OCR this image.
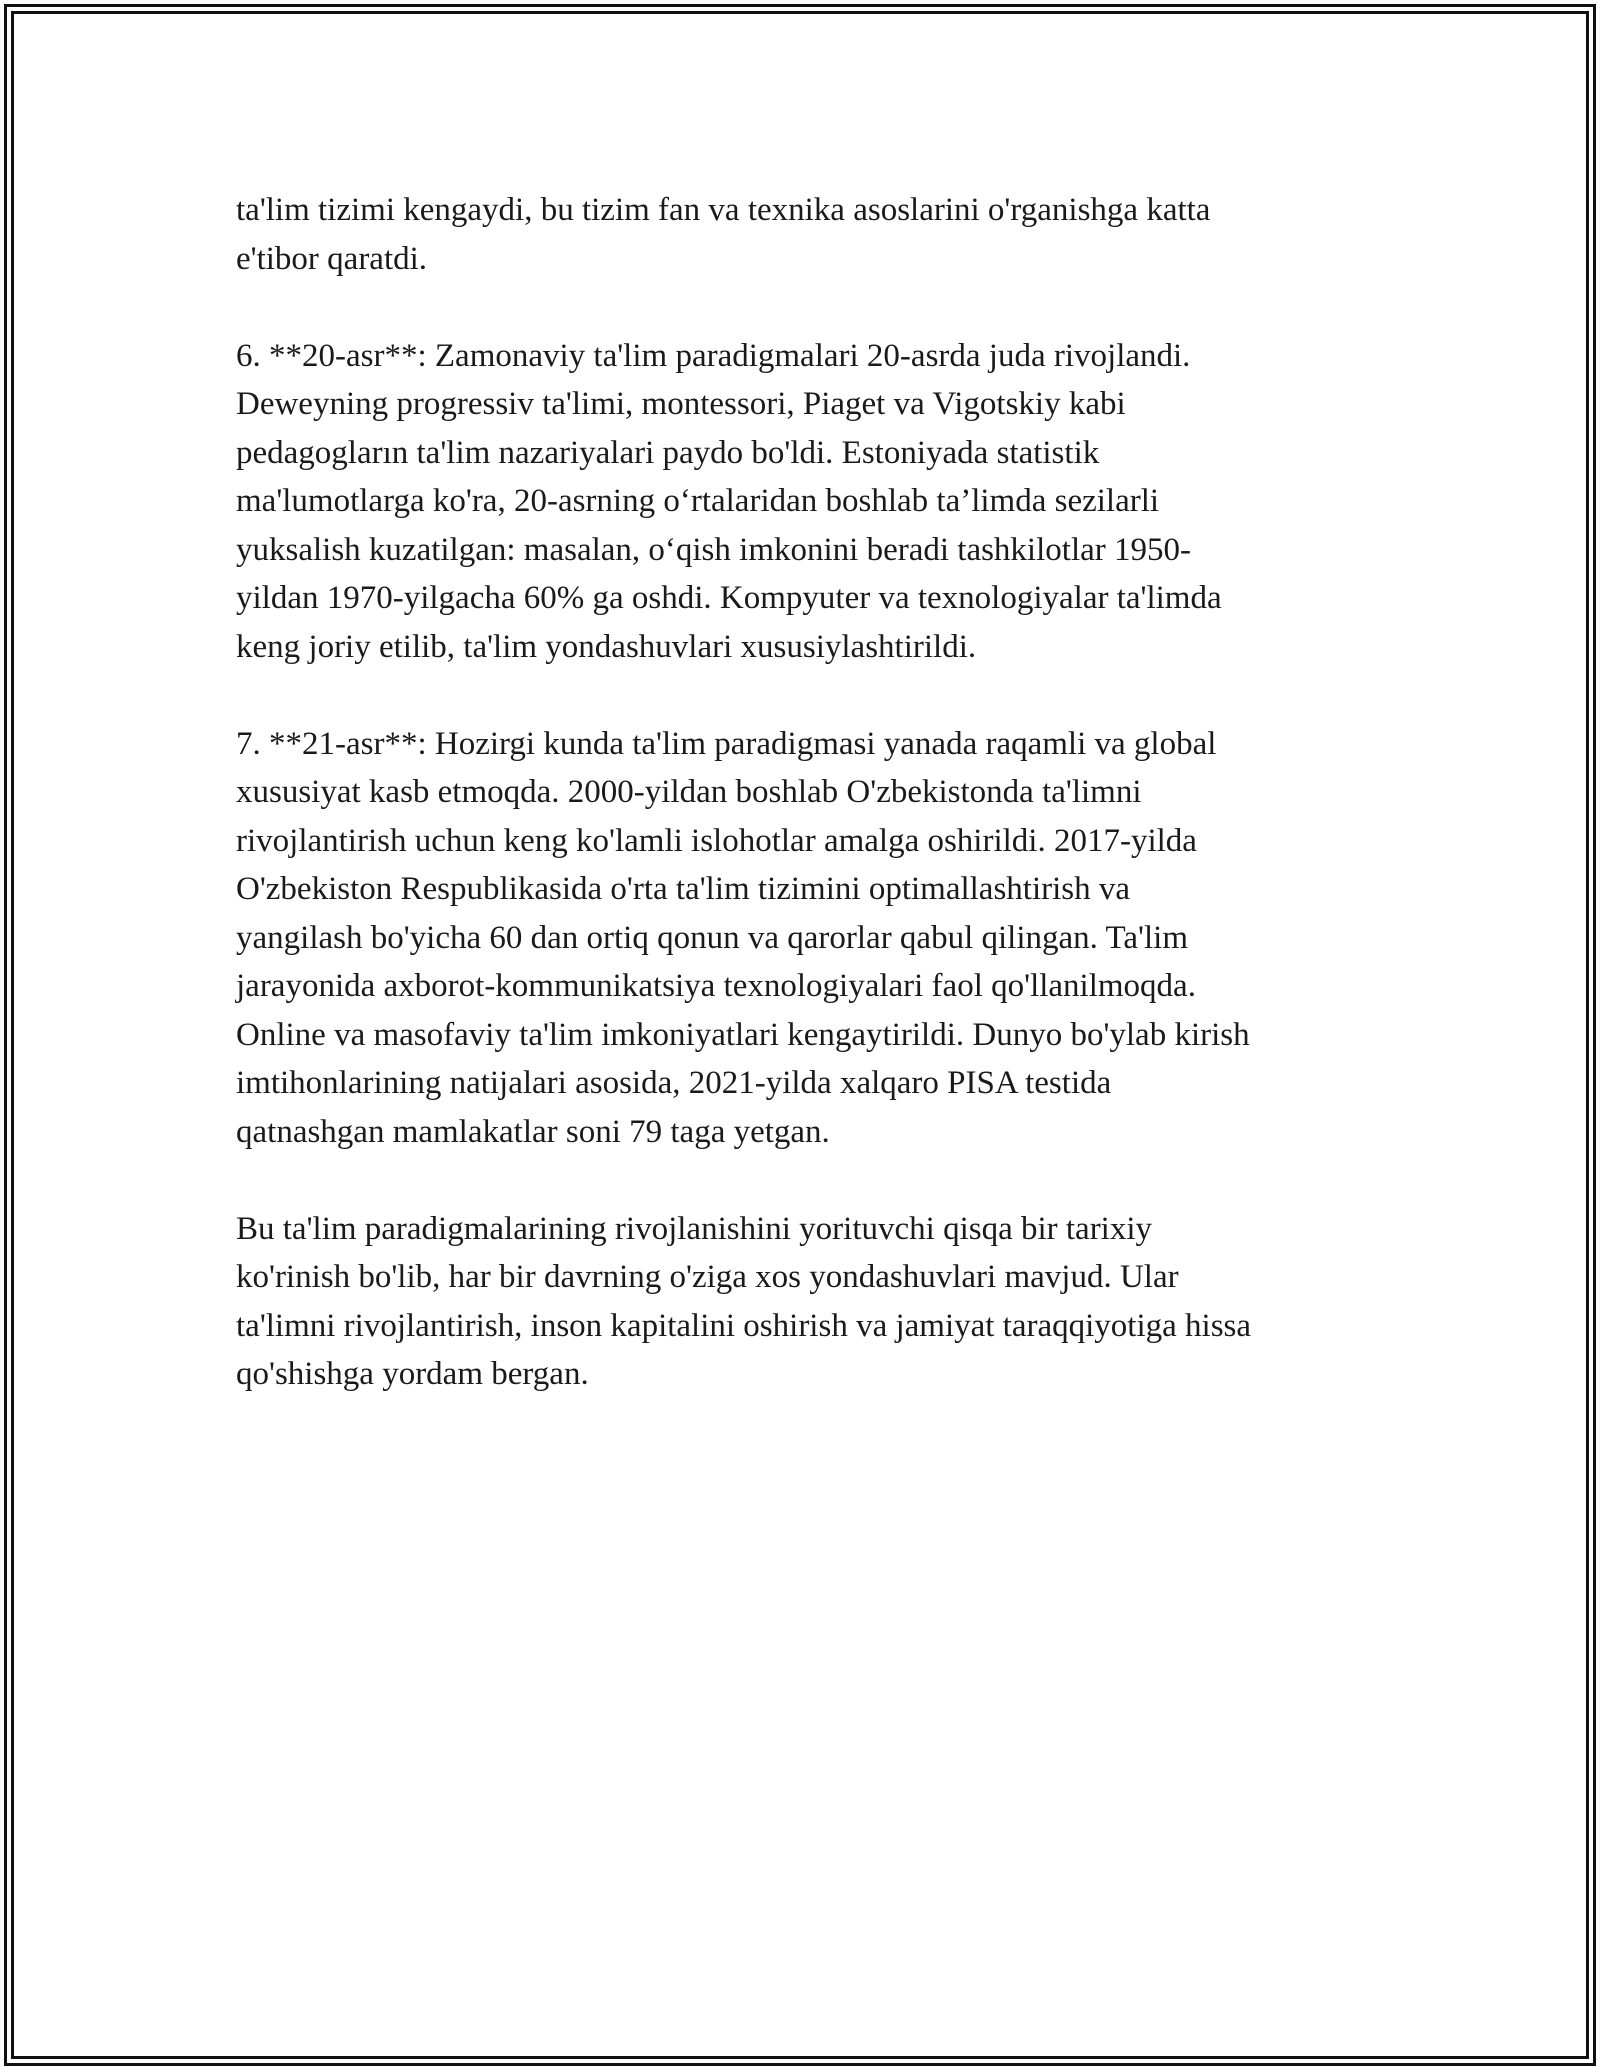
ta'lim tizimi kengaydi, bu tizim fan va texnika asoslarini o'rganishga katta
e'tibor qaratdi.

6. **20-asr**: Zamonaviy ta'lim paradigmalari 20-asrda juda rivojlandi.
Deweyning progressiv ta'limi, montessori, Piaget va Vigotskiy kabi
pedagogların ta'lim nazariyalari paydo bo'ldi. Estoniyada statistik
ma'lumotlarga ko'ra, 20-asrning o‘rtalaridan boshlab ta’limda sezilarli
yuksalish kuzatilgan: masalan, o‘qish imkonini beradi tashkilotlar 1950-
yildan 1970-yilgacha 60% ga oshdi. Kompyuter va texnologiyalar ta'limda
keng joriy etilib, ta'lim yondashuvlari xususiylashtirildi.

7. **21-asr**: Hozirgi kunda ta'lim paradigmasi yanada raqamli va global
xususiyat kasb etmoqda. 2000-yildan boshlab O'zbekistonda ta'limni
rivojlantirish uchun keng ko'lamli islohotlar amalga oshirildi. 2017-yilda
O'zbekiston Respublikasida o'rta ta'lim tizimini optimallashtirish va
yangilash bo'yicha 60 dan ortiq qonun va qarorlar qabul qilingan. Ta'lim
jarayonida axborot-kommunikatsiya texnologiyalari faol qo'llanilmoqda.
Online va masofaviy ta'lim imkoniyatlari kengaytirildi. Dunyo bo'ylab kirish
imtihonlarining natijalari asosida, 2021-yilda xalqaro PISA testida
qatnashgan mamlakatlar soni 79 taga yetgan.

Bu ta'lim paradigmalarining rivojlanishini yorituvchi qisqa bir tarixiy
ko'rinish bo'lib, har bir davrning o'ziga xos yondashuvlari mavjud. Ular
ta'limni rivojlantirish, inson kapitalini oshirish va jamiyat taraqqiyotiga hissa
qo'shishga yordam bergan.
